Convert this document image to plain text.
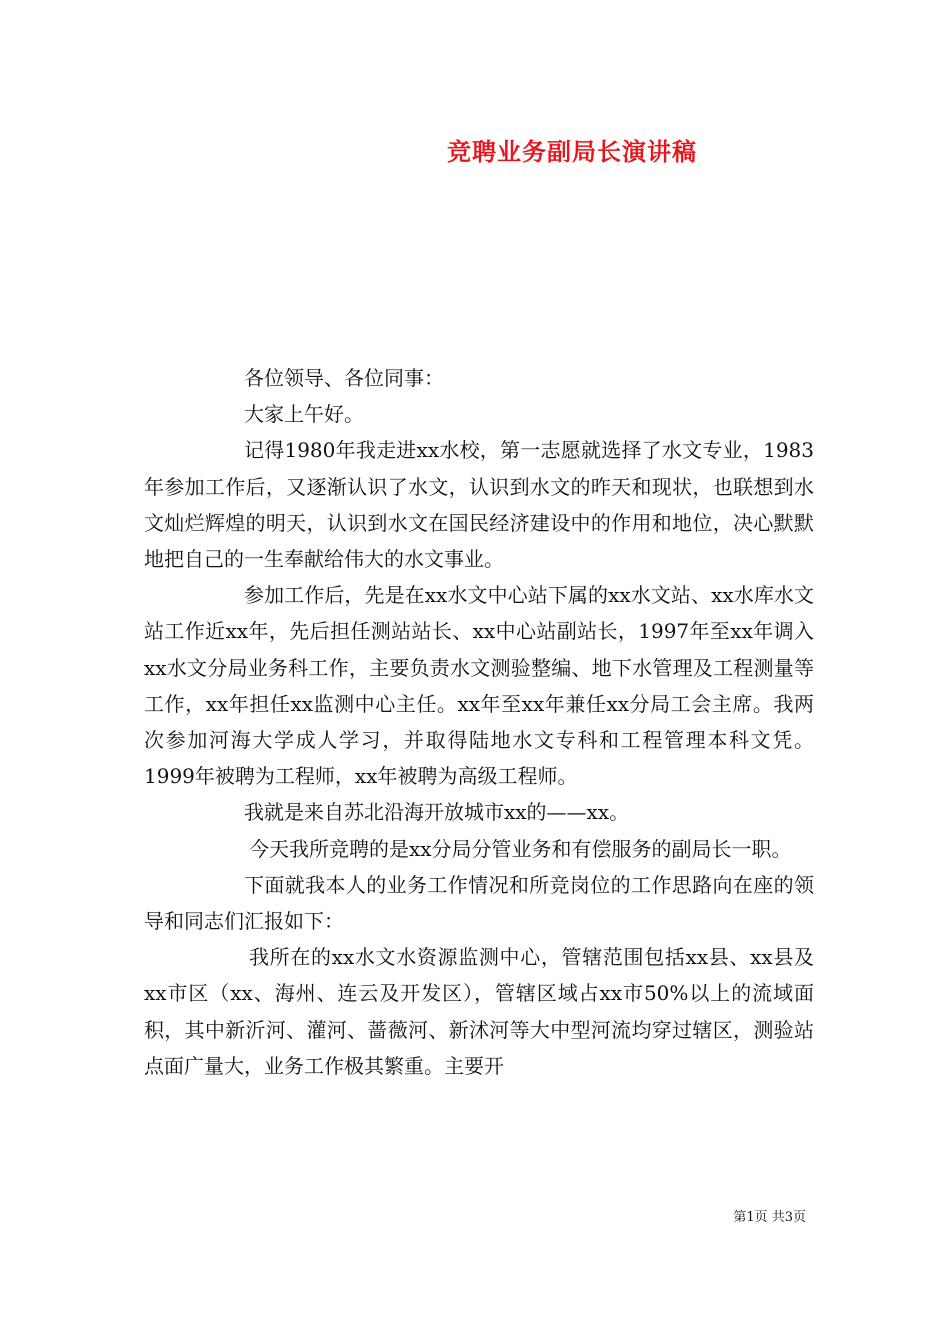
竞聘业务副局长演讲稿

各位领导、各位同事：

大家上午好。

记得1980年我走进xx水校，第一志愿就选择了水文专业，1983年参加工作后，又逐渐认识了水文，认识到水文的昨天和现状，也联想到水文灿烂辉煌的明天，认识到水文在国民经济建设中的作用和地位，决心默默地把自己的一生奉献给伟大的水文事业。

参加工作后，先是在xx水文中心站下属的xx水文站、xx水库水文站工作近xx年，先后担任测站站长、xx中心站副站长，1997年至xx年调入xx水文分局业务科工作，主要负责水文测验整编、地下水管理及工程测量等工作，xx年担任xx监测中心主任。xx年至xx年兼任xx分局工会主席。我两次参加河海大学成人学习，并取得陆地水文专科和工程管理本科文凭。1999年被聘为工程师，xx年被聘为高级工程师。

我就是来自苏北沿海开放城市xx的——xx。

今天我所竞聘的是xx分局分管业务和有偿服务的副局长一职。

下面就我本人的业务工作情况和所竞岗位的工作思路向在座的领导和同志们汇报如下：

我所在的xx水文水资源监测中心，管辖范围包括xx县、xx县及xx市区（xx、海州、连云及开发区），管辖区域占xx市50%以上的流域面积，其中新沂河、灌河、蔷薇河、新沭河等大中型河流均穿过辖区，测验站点面广量大，业务工作极其繁重。主要开

第1页 共3页
